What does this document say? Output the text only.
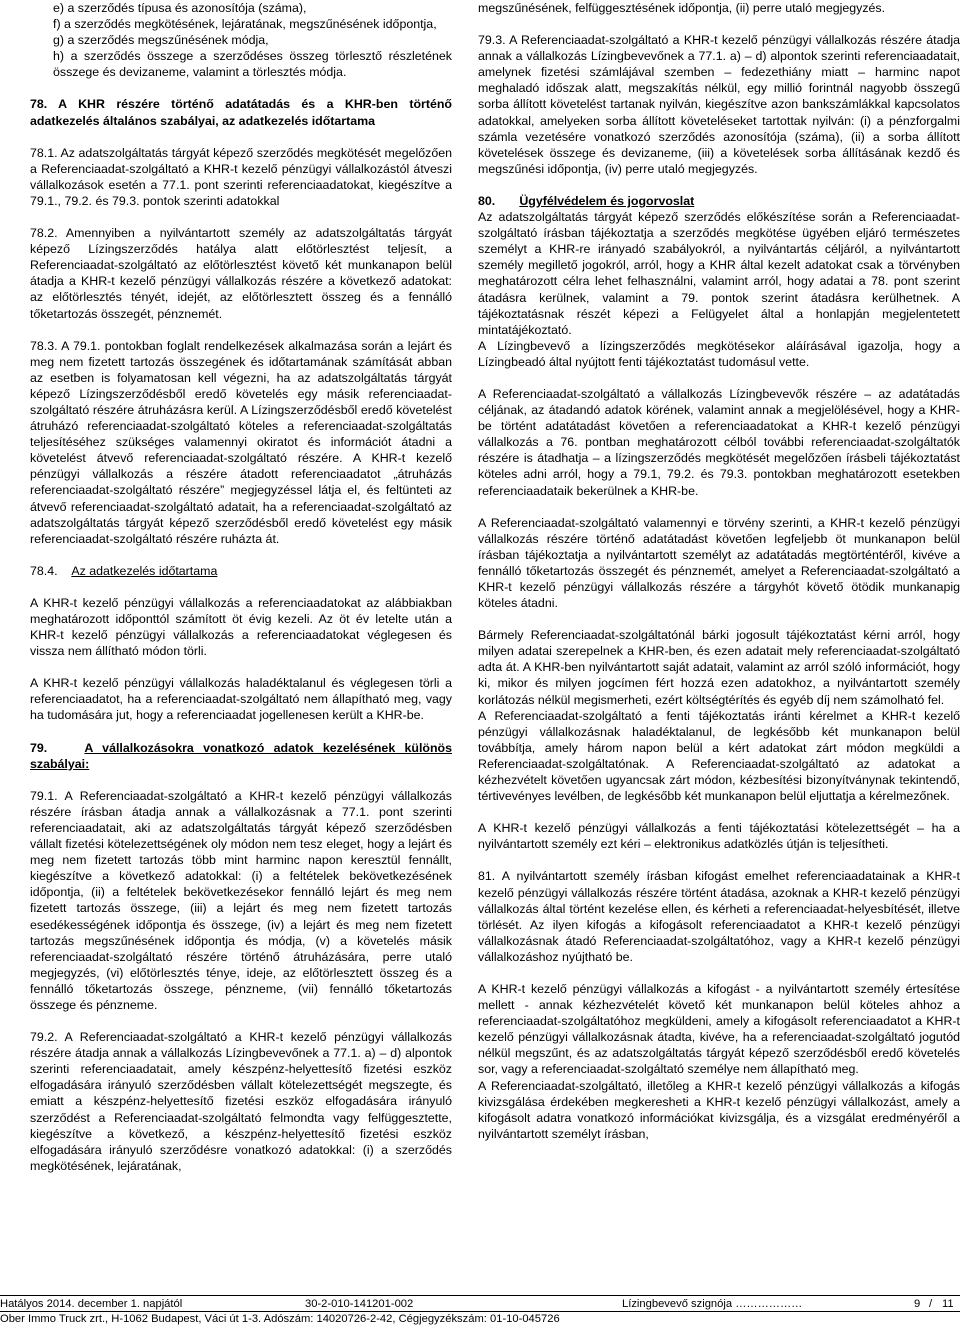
e) a szerződés típusa és azonosítója (száma),

f) a szerződés megkötésének, lejáratának, megszűnésének időpontja,

g) a szerződés megszűnésének módja,

h) a szerződés összege a szerződéses összeg törlesztő részletének összege és devizaneme, valamint a törlesztés módja.

78. A KHR részére történő adatátadás és a KHR-ben történő adatkezelés általános szabályai, az adatkezelés időtartama

78.1. Az adatszolgáltatás tárgyát képező szerződés megkötését megelőzően a Referenciaadat-szolgáltató a KHR-t kezelő pénzügyi vállalkozástól átveszi vállalkozások esetén a 77.1. pont szerinti referenciaadatokat, kiegészítve a 79.1., 79.2. és 79.3. pontok szerinti adatokkal

78.2. Amennyiben a nyilvántartott személy az adatszolgáltatás tárgyát képező Lízingszerződés hatálya alatt előtörlesztést teljesít, a Referenciaadat-szolgáltató az előtörlesztést követő két munkanapon belül átadja a KHR-t kezelő pénzügyi vállalkozás részére a következő adatokat: az előtörlesztés tényét, idejét, az előtörlesztett összeg és a fennálló tőketartozás összegét, pénznemét.

78.3. A 79.1. pontokban foglalt rendelkezések alkalmazása során a lejárt és meg nem fizetett tartozás összegének és időtartamának számítását abban az esetben is folyamatosan kell végezni, ha az adatszolgáltatás tárgyát képező Lízingszerződésből eredő követelés egy másik referenciaadat-szolgáltató részére átruházásra kerül. A Lízingszerződésből eredő követelést átruházó referenciaadat-szolgáltató köteles a referenciaadat-szolgáltatás teljesítéséhez szükséges valamennyi okiratot és információt átadni a követelést átvevő referenciaadat-szolgáltató részére. A KHR-t kezelő pénzügyi vállalkozás a részére átadott referenciaadatot „átruházás referenciaadat-szolgáltató részére” megjegyzéssel látja el, és feltünteti az átvevő referenciaadat-szolgáltató adatait, ha a referenciaadat-szolgáltató az adatszolgáltatás tárgyát képező szerződésből eredő követelést egy másik referenciaadat-szolgáltató részére ruházta át.

78.4. Az adatkezelés időtartama

A KHR-t kezelő pénzügyi vállalkozás a referenciaadatokat az alábbiakban meghatározott időponttól számított öt évig kezeli. Az öt év letelte után a KHR-t kezelő pénzügyi vállalkozás a referenciaadatokat véglegesen és vissza nem állítható módon törli.

A KHR-t kezelő pénzügyi vállalkozás haladéktalanul és véglegesen törli a referenciaadatot, ha a referenciaadat-szolgáltató nem állapítható meg, vagy ha tudomására jut, hogy a referenciaadat jogellenesen került a KHR-be.

79.	A vállalkozásokra vonatkozó adatok kezelésének különös szabályai:

79.1. A Referenciaadat-szolgáltató a KHR-t kezelő pénzügyi vállalkozás részére írásban átadja annak a vállalkozásnak a 77.1. pont szerinti referenciaadatait, aki az adatszolgáltatás tárgyát képező szerződésben vállalt fizetési kötelezettségének oly módon nem tesz eleget, hogy a lejárt és meg nem fizetett tartozás több mint harminc napon keresztül fennállt, kiegészítve a következő adatokkal: (i) a feltételek bekövetkezésének időpontja, (ii) a feltételek bekövetkezésekor fennálló lejárt és meg nem fizetett tartozás összege, (iii) a lejárt és meg nem fizetett tartozás esedékességének időpontja és összege, (iv) a lejárt és meg nem fizetett tartozás megszűnésének időpontja és módja, (v) a követelés másik referenciaadat-szolgáltató részére történő átruházására, perre utaló megjegyzés, (vi) előtörlesztés ténye, ideje, az előtörlesztett összeg és a fennálló tőketartozás összege, pénzneme, (vii) fennálló tőketartozás összege és pénzneme.

79.2. A Referenciaadat-szolgáltató a KHR-t kezelő pénzügyi vállalkozás részére átadja annak a vállalkozás Lízingbevevőnek a 77.1. a) – d) alpontok szerinti referenciaadatait, amely készpénz-helyettesítő fizetési eszköz elfogadására irányuló szerződésben vállalt kötelezettségét megszegte, és emiatt a készpénz-helyettesítő fizetési eszköz elfogadására irányuló szerződést a Referenciaadat-szolgáltató felmondta vagy felfüggesztette, kiegészítve a következő, a készpénz-helyettesítő fizetési eszköz elfogadására irányuló szerződésre vonatkozó adatokkal: (i) a szerződés megkötésének, lejáratának,

megszűnésének, felfüggesztésének időpontja, (ii) perre utaló megjegyzés.

79.3. A Referenciaadat-szolgáltató a KHR-t kezelő pénzügyi vállalkozás részére átadja annak a vállalkozás Lízingbevevőnek a 77.1. a) – d) alpontok szerinti referenciaadatait, amelynek fizetési számlájával szemben – fedezethiány miatt – harminc napot meghaladó időszak alatt, megszakítás nélkül, egy millió forintnál nagyobb összegű sorba állított követelést tartanak nyilván, kiegészítve azon bankszámlákkal kapcsolatos adatokkal, amelyeken sorba állított követeléseket tartottak nyilván: (i) a pénzforgalmi számla vezetésére vonatkozó szerződés azonosítója (száma), (ii) a sorba állított követelések összege és devizaneme, (iii) a követelések sorba állításának kezdő és megszűnési időpontja, (iv) perre utaló megjegyzés.

80. Ügyfélvédelem és jogorvoslat

Az adatszolgáltatás tárgyát képező szerződés előkészítése során a Referenciaadat-szolgáltató írásban tájékoztatja a szerződés megkötése ügyében eljáró természetes személyt a KHR-re irányadó szabályokról, a nyilvántartás céljáról, a nyilvántartott személy megillető jogokról, arról, hogy a KHR által kezelt adatokat csak a törvényben meghatározott célra lehet felhasználni, valamint arról, hogy adatai a 78. pont szerint átadásra kerülnek, valamint a 79. pontok szerint átadásra kerülhetnek. A tájékoztatásnak részét képezi a Felügyelet által a honlapján megjelentetett mintatájékoztató.

A Lízingbevevő a lízingszerződés megkötésekor aláírásával igazolja, hogy a Lízingbeadó által nyújtott fenti tájékoztatást tudomásul vette.

A Referenciaadat-szolgáltató a vállalkozás Lízingbevevők részére – az adatátadás céljának, az átadandó adatok körének, valamint annak a megjelölésével, hogy a KHR-be történt adatátadást követően a referenciaadatokat a KHR-t kezelő pénzügyi vállalkozás a 76. pontban meghatározott célból további referenciaadat-szolgáltatók részére is átadhatja – a lízingszerződés megkötését megelőzően írásbeli tájékoztatást köteles adni arról, hogy a 79.1, 79.2. és 79.3. pontokban meghatározott esetekben referenciaadataik bekerülnek a KHR-be.

A Referenciaadat-szolgáltató valamennyi e törvény szerinti, a KHR-t kezelő pénzügyi vállalkozás részére történő adatátadást követően legfeljebb öt munkanapon belül írásban tájékoztatja a nyilvántartott személyt az adatátadás megtörténtéről, kivéve a fennálló tőketartozás összegét és pénznemét, amelyet a Referenciaadat-szolgáltató a KHR-t kezelő pénzügyi vállalkozás részére a tárgyhót követő ötödik munkanapig köteles átadni.

Bármely Referenciaadat-szolgáltatónál bárki jogosult tájékoztatást kérni arról, hogy milyen adatai szerepelnek a KHR-ben, és ezen adatait mely referenciaadat-szolgáltató adta át. A KHR-ben nyilvántartott saját adatait, valamint az arról szóló információt, hogy ki, mikor és milyen jogcímen fért hozzá ezen adatokhoz, a nyilvántartott személy korlátozás nélkül megismerheti, ezért költségtérítés és egyéb díj nem számolható fel.

A Referenciaadat-szolgáltató a fenti tájékoztatás iránti kérelmet a KHR-t kezelő pénzügyi vállalkozásnak haladéktalanul, de legkésőbb két munkanapon belül továbbítja, amely három napon belül a kért adatokat zárt módon megküldi a Referenciaadat-szolgáltatónak. A Referenciaadat-szolgáltató az adatokat a kézhezvételt követően ugyancsak zárt módon, kézbesítési bizonyítványnak tekintendő, tértivevényes levélben, de legkésőbb két munkanapon belül eljuttatja a kérelmezőnek.

A KHR-t kezelő pénzügyi vállalkozás a fenti tájékoztatási kötelezettségét – ha a nyilvántartott személy ezt kéri – elektronikus adatközlés útján is teljesítheti.

81. A nyilvántartott személy írásban kifogást emelhet referenciaadatainak a KHR-t kezelő pénzügyi vállalkozás részére történt átadása, azoknak a KHR-t kezelő pénzügyi vállalkozás által történt kezelése ellen, és kérheti a referenciaadat-helyesbítését, illetve törlését. Az ilyen kifogás a kifogásolt referenciaadatot a KHR-t kezelő pénzügyi vállalkozásnak átadó Referenciaadat-szolgáltatóhoz, vagy a KHR-t kezelő pénzügyi vállalkozáshoz nyújtható be.

A KHR-t kezelő pénzügyi vállalkozás a kifogást - a nyilvántartott személy értesítése mellett - annak kézhezvételét követő két munkanapon belül köteles ahhoz a referenciaadat-szolgáltatóhoz megküldeni, amely a kifogásolt referenciaadatot a KHR-t kezelő pénzügyi vállalkozásnak átadta, kivéve, ha a referenciaadat-szolgáltató jogutód nélkül megszűnt, és az adatszolgáltatás tárgyát képező szerződésből eredő követelés sor, vagy a referenciaadat-szolgáltató személye nem állapítható meg.

A Referenciaadat-szolgáltató, illetőleg a KHR-t kezelő pénzügyi vállalkozás a kifogás kivizsgálása érdekében megkeresheti a KHR-t kezelő pénzügyi vállalkozást, amely a kifogásolt adatra vonatkozó információkat kivizsgálja, és a vizsgálat eredményéről a nyilvántartott személyt írásban,

Hatályos 2014. december 1. napjától	30-2-010-141201-002	Lízingbevevő szignója ………………	9 / 11
Ober Immo Truck zrt., H-1062 Budapest, Váci út 1-3. Adószám: 14020726-2-42, Cégjegyzékszám: 01-10-045726
